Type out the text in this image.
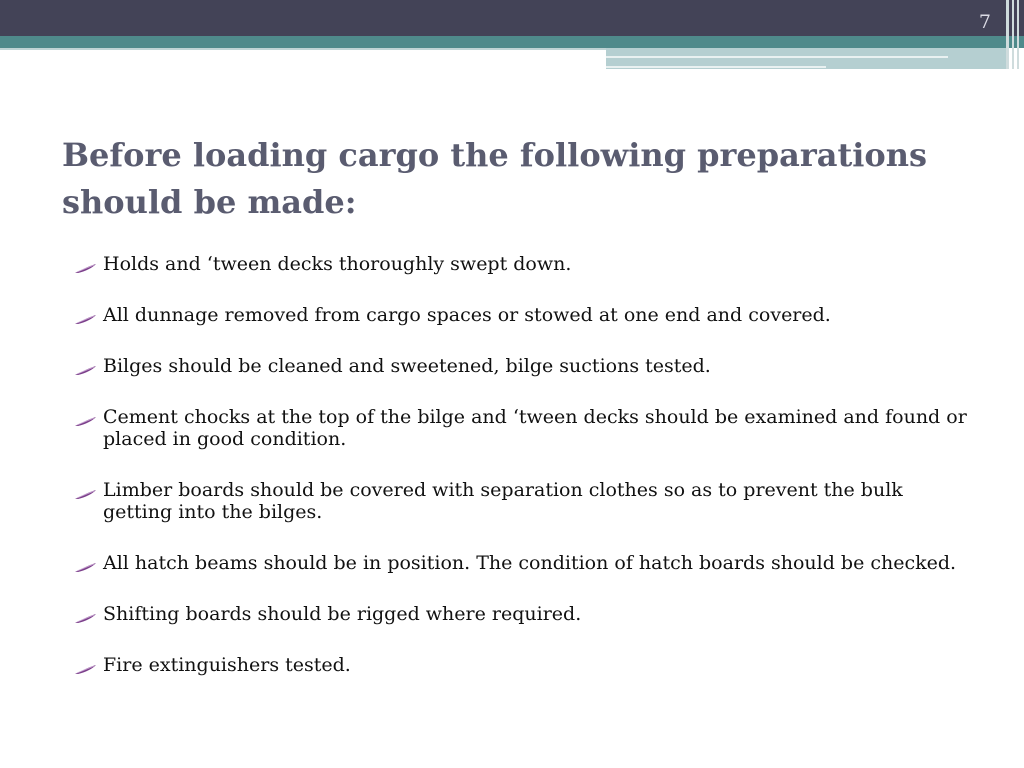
7
Before loading cargo the following preparations should be made:
Holds and ‘tween decks thoroughly swept down.
All dunnage removed from cargo spaces or stowed at one end and covered.
Bilges should be cleaned and sweetened, bilge suctions tested.
Cement chocks at the top of the bilge and ‘tween decks should be examined and found or placed in good condition.
Limber boards should be covered with separation clothes so as to prevent the bulk getting into the bilges.
All hatch beams should be in position. The condition of hatch boards should be checked.
Shifting boards should be rigged where required.
Fire extinguishers tested.
